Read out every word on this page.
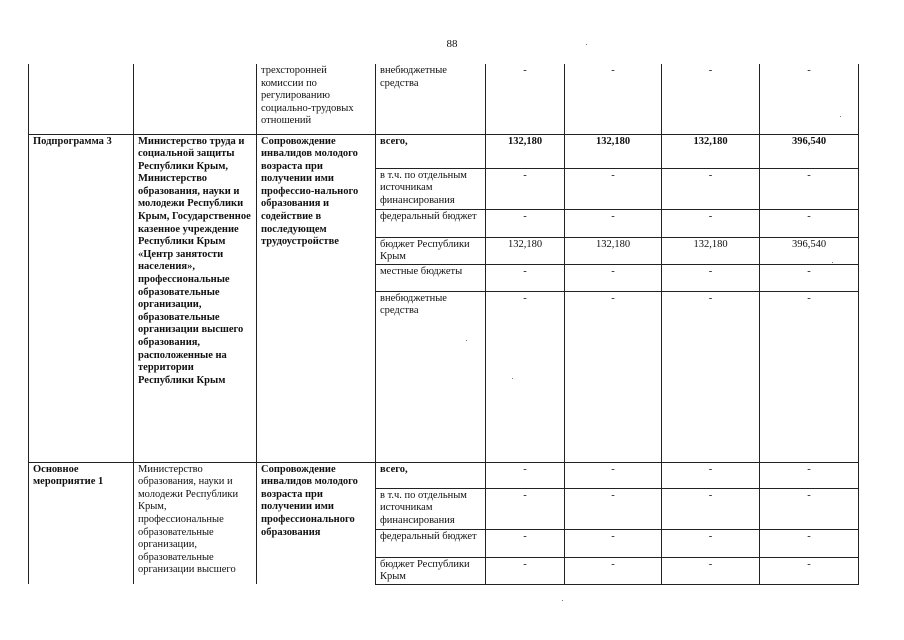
88
		трехсторонней комиссии по регулированию социально-трудовых отношений	внебюджетные средства	-	-	-	-
Подпрограмма 3	Министерство труда и социальной защиты Республики Крым, Министерство образования, науки и молодежи Республики Крым, Государственное казенное учреждение Республики Крым «Центр занятости населения», профессиональные образовательные организации, образовательные организации высшего образования, расположенные на территории Республики Крым	Сопровождение инвалидов молодого возраста при получении ими профессио-нального образования и содействие в последующем трудоустройстве	всего,	132,180	132,180	132,180	396,540
			в т.ч. по отдельным источникам финансирования	-	-	-	-
			федеральный бюджет	-	-	-	-
			бюджет Республики Крым	132,180	132,180	132,180	396,540
			местные бюджеты	-	-	-	-
			внебюджетные средства	-	-	-	-
Основное мероприятие 1	Министерство образования, науки и молодежи Республики Крым, профессиональные образовательные организации, образовательные организации высшего	Сопровождение инвалидов молодого возраста при получении ими профессионального образования	всего,	-	-	-	-
			в т.ч. по отдельным источникам финансирования	-	-	-	-
			федеральный бюджет	-	-	-	-
			бюджет Республики Крым	-	-	-	-
